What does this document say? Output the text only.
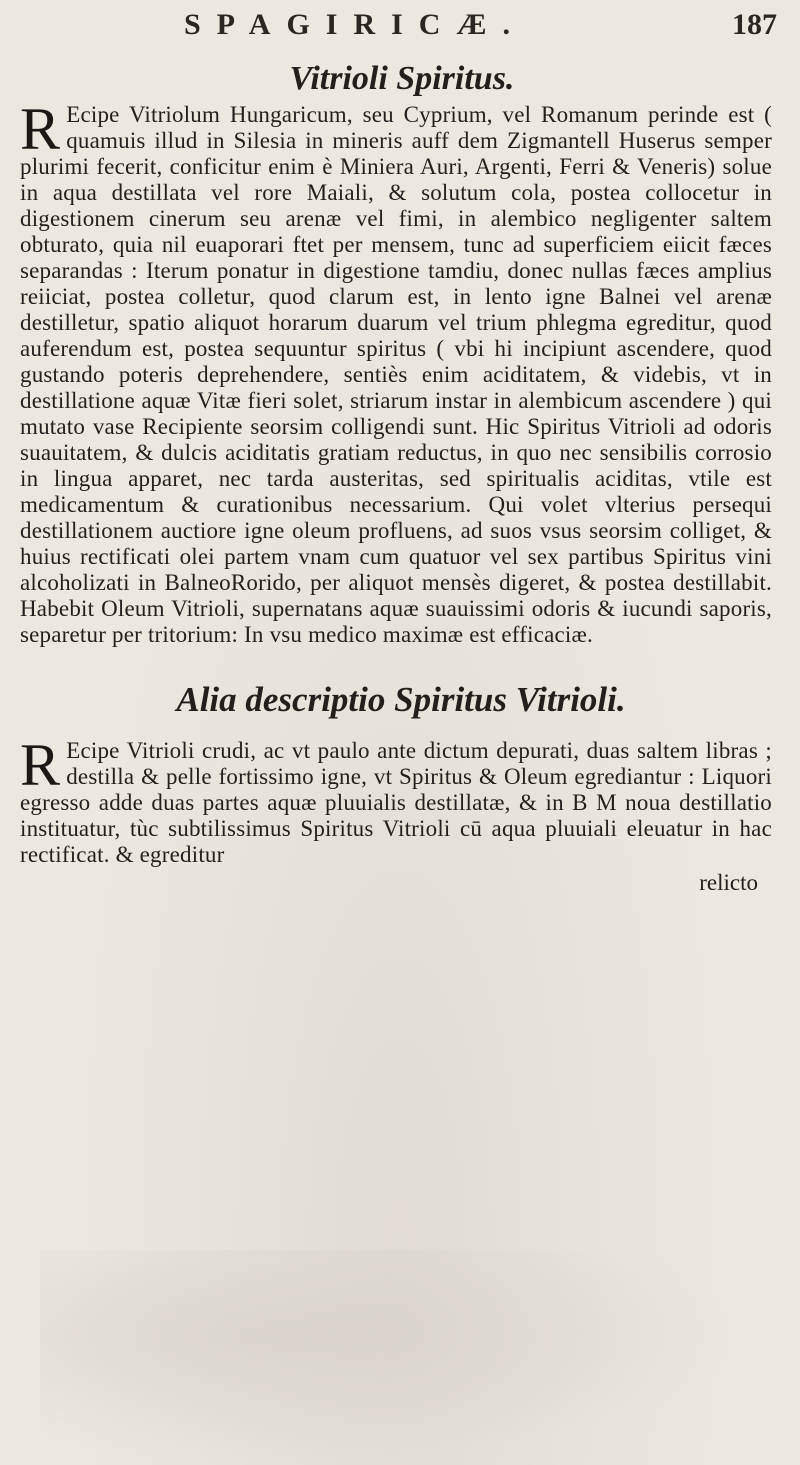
SPAGIRICÆ.	187
Vitrioli Spiritus.

R Ecipe Vitriolum Hungaricum, seu Cyprium, vel Romanum perinde est ( quamuis illud in Silesia in mineris auff dem Zigmantell Huserus semper plurimi fecerit, conficitur enim è Miniera Auri, Argenti, Ferri & Veneris) solue in aqua destillata vel rore Maiali, & solutum cola, postea collocetur in digestionem cinerum seu arenæ vel fimi, in alembico negligenter saltem obturato, quia nil euaporari ftet per mensem, tunc ad superficiem eiicit fæces separandas : Iterum ponatur in digestione tamdiu, donec nullas fæces amplius reiiciat, postea colletur, quod clarum est, in lento igne Balnei vel arenæ destilletur, spatio aliquot horarum duarum vel trium phlegma egreditur, quod auferendum est, postea sequuntur spiritus ( vbi hi incipiunt ascendere, quod gustando poteris deprehendere, sentiès enim aciditatem, & videbis, vt in destillatione aquæ Vitæ fieri solet, striarum instar in alembicum ascendere ) qui mutato vase Recipiente seorsim colligendi sunt. Hic Spiritus Vitrioli ad odoris suauitatem, & dulcis aciditatis gratiam reductus, in quo nec sensibilis corrosio in lingua apparet, nec tarda austeritas, sed spiritualis aciditas, vtile est medicamentum & curationibus necessarium. Qui volet vlterius persequi destillationem auctiore igne oleum profluens, ad suos vsus seorsim colliget, & huius rectificati olei partem vnam cum quatuor vel sex partibus Spiritus vini alcoholizati in BalneoRorido, per aliquot mensès digeret, & postea destillabit. Habebit Oleum Vitrioli, supernatans aquæ suauissimi odoris & iucundi saporis, separetur per tritorium: In vsu medico maximæ est efficaciæ.

Alia descriptio Spiritus Vitrioli.

R Ecipe Vitrioli crudi, ac vt paulo ante dictum depurati, duas saltem libras ; destilla & pelle fortissimo igne, vt Spiritus & Oleum egrediantur : Liquori egresso adde duas partes aquæ pluuialis destillatæ, & in B M noua destillatio instituatur, tùc subtilissimus Spiritus Vitrioli cū aqua pluuiali eleuatur in hac rectificat. & egreditur

relicto
